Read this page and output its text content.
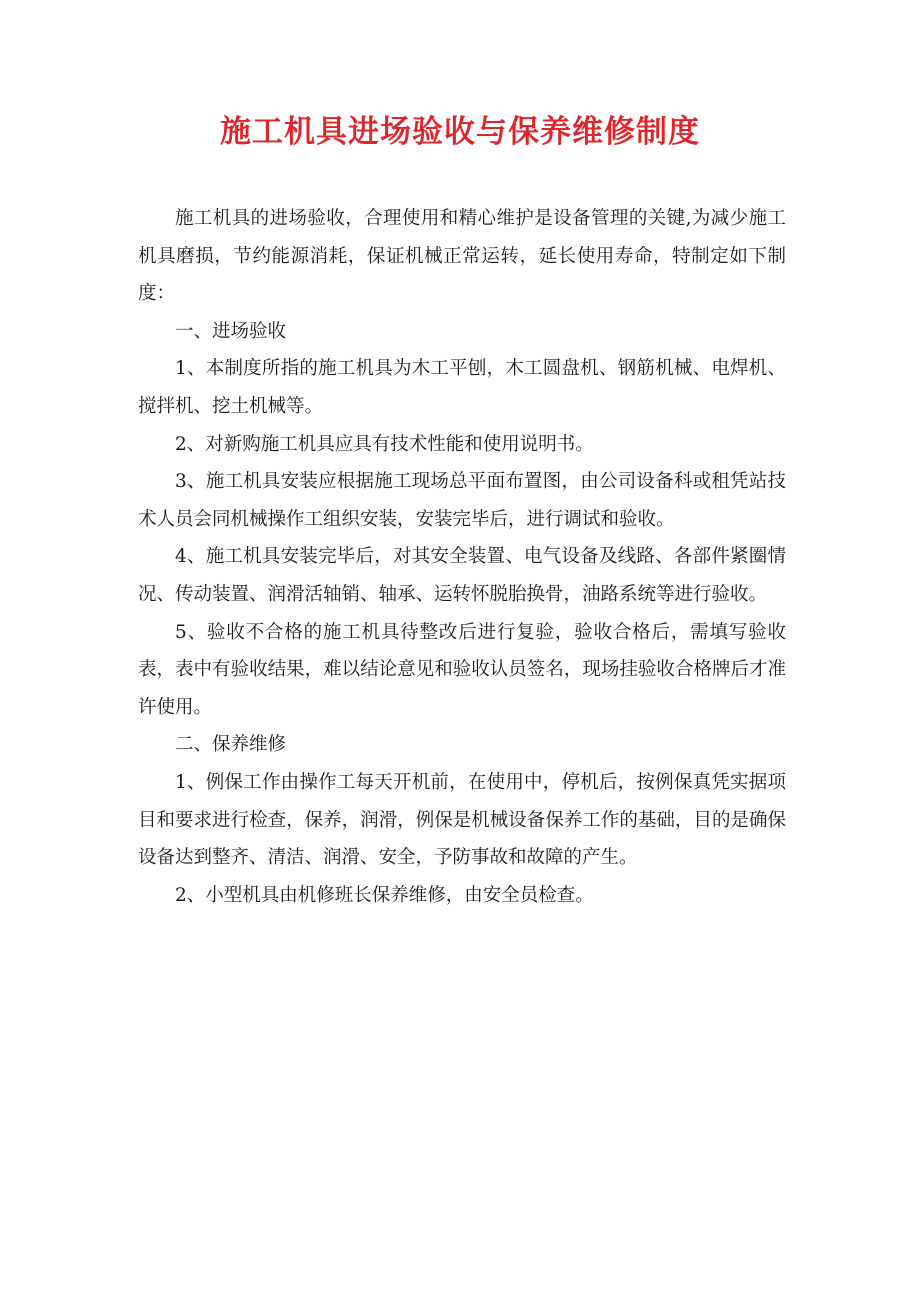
施工机具进场验收与保养维修制度

施工机具的进场验收，合理使用和精心维护是设备管理的关键,为减少施工机具磨损，节约能源消耗，保证机械正常运转，延长使用寿命，特制定如下制度：

一、进场验收

1、本制度所指的施工机具为木工平刨，木工圆盘机、钢筋机械、电焊机、搅拌机、挖土机械等。

2、对新购施工机具应具有技术性能和使用说明书。

3、施工机具安装应根据施工现场总平面布置图，由公司设备科或租凭站技术人员会同机械操作工组织安装，安装完毕后，进行调试和验收。

4、施工机具安装完毕后，对其安全装置、电气设备及线路、各部件紧圈情况、传动装置、润滑活轴销、轴承、运转怀脱胎换骨，油路系统等进行验收。

5、验收不合格的施工机具待整改后进行复验，验收合格后，需填写验收表，表中有验收结果，难以结论意见和验收认员签名，现场挂验收合格牌后才准许使用。

二、保养维修

1、例保工作由操作工每天开机前，在使用中，停机后，按例保真凭实据项目和要求进行检查，保养，润滑，例保是机械设备保养工作的基础，目的是确保设备达到整齐、清洁、润滑、安全，予防事故和故障的产生。

2、小型机具由机修班长保养维修，由安全员检查。
